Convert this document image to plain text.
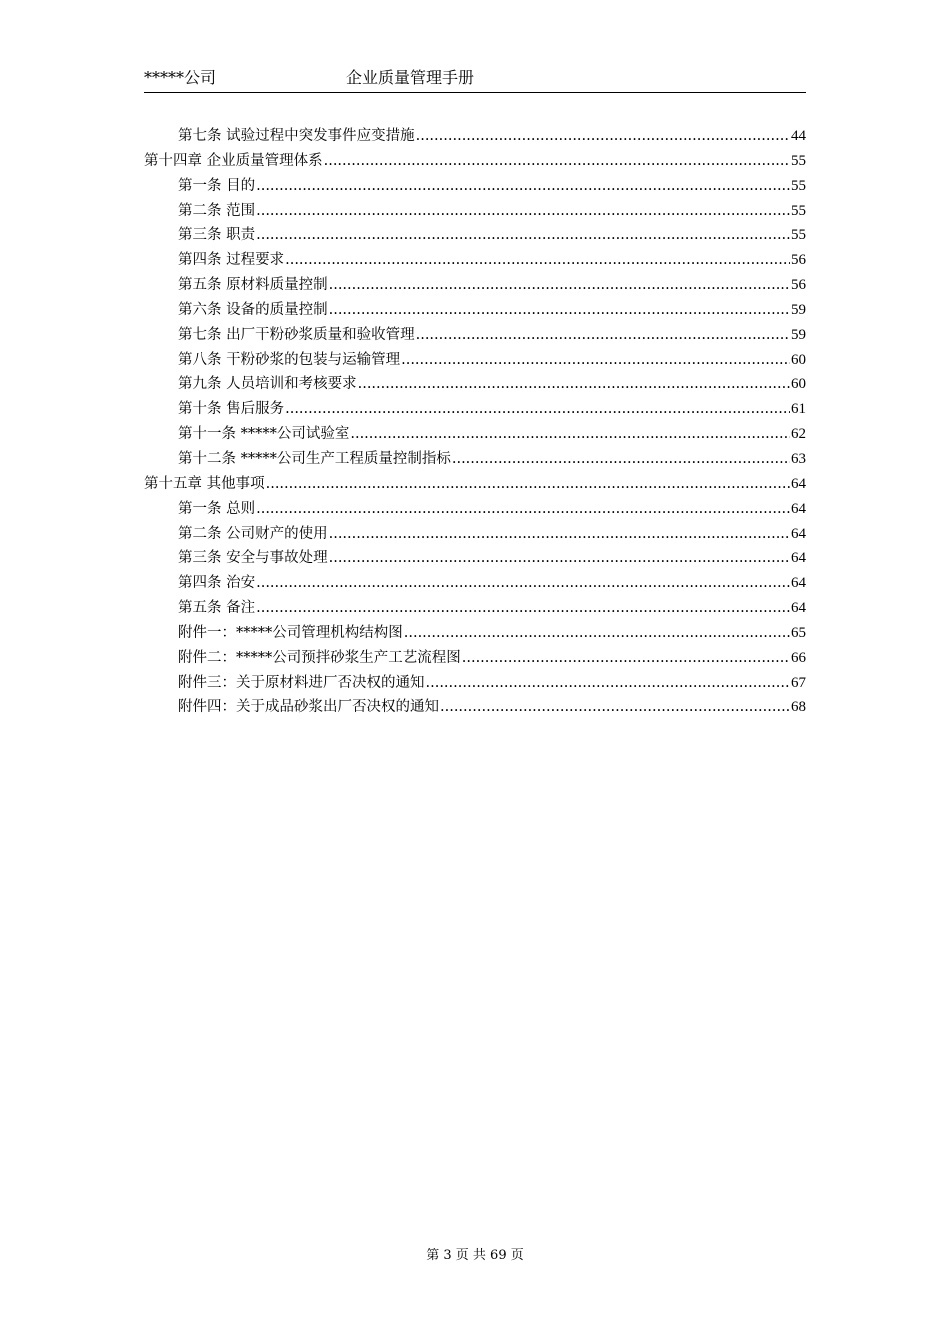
*****公司	企业质量管理手册
第七条 试验过程中突发事件应变措施 .....	44
第十四章 企业质量管理体系 .....	55
第一条 目的 .....	55
第二条 范围 .....	55
第三条 职责 .....	55
第四条 过程要求 .....	56
第五条 原材料质量控制 .....	56
第六条 设备的质量控制 .....	59
第七条 出厂干粉砂浆质量和验收管理 .....	59
第八条 干粉砂浆的包装与运输管理 .....	60
第九条 人员培训和考核要求 .....	60
第十条 售后服务 .....	61
第十一条 *****公司试验室 .....	62
第十二条 *****公司生产工程质量控制指标 .....	63
第十五章 其他事项 .....	64
第一条 总则 .....	64
第二条 公司财产的使用 .....	64
第三条 安全与事故处理 .....	64
第四条 治安 .....	64
第五条 备注 .....	64
附件一：*****公司管理机构结构图 .....	65
附件二：*****公司预拌砂浆生产工艺流程图 .....	66
附件三：关于原材料进厂否决权的通知 .....	67
附件四：关于成品砂浆出厂否决权的通知 .....	68
第 3 页 共 69 页
